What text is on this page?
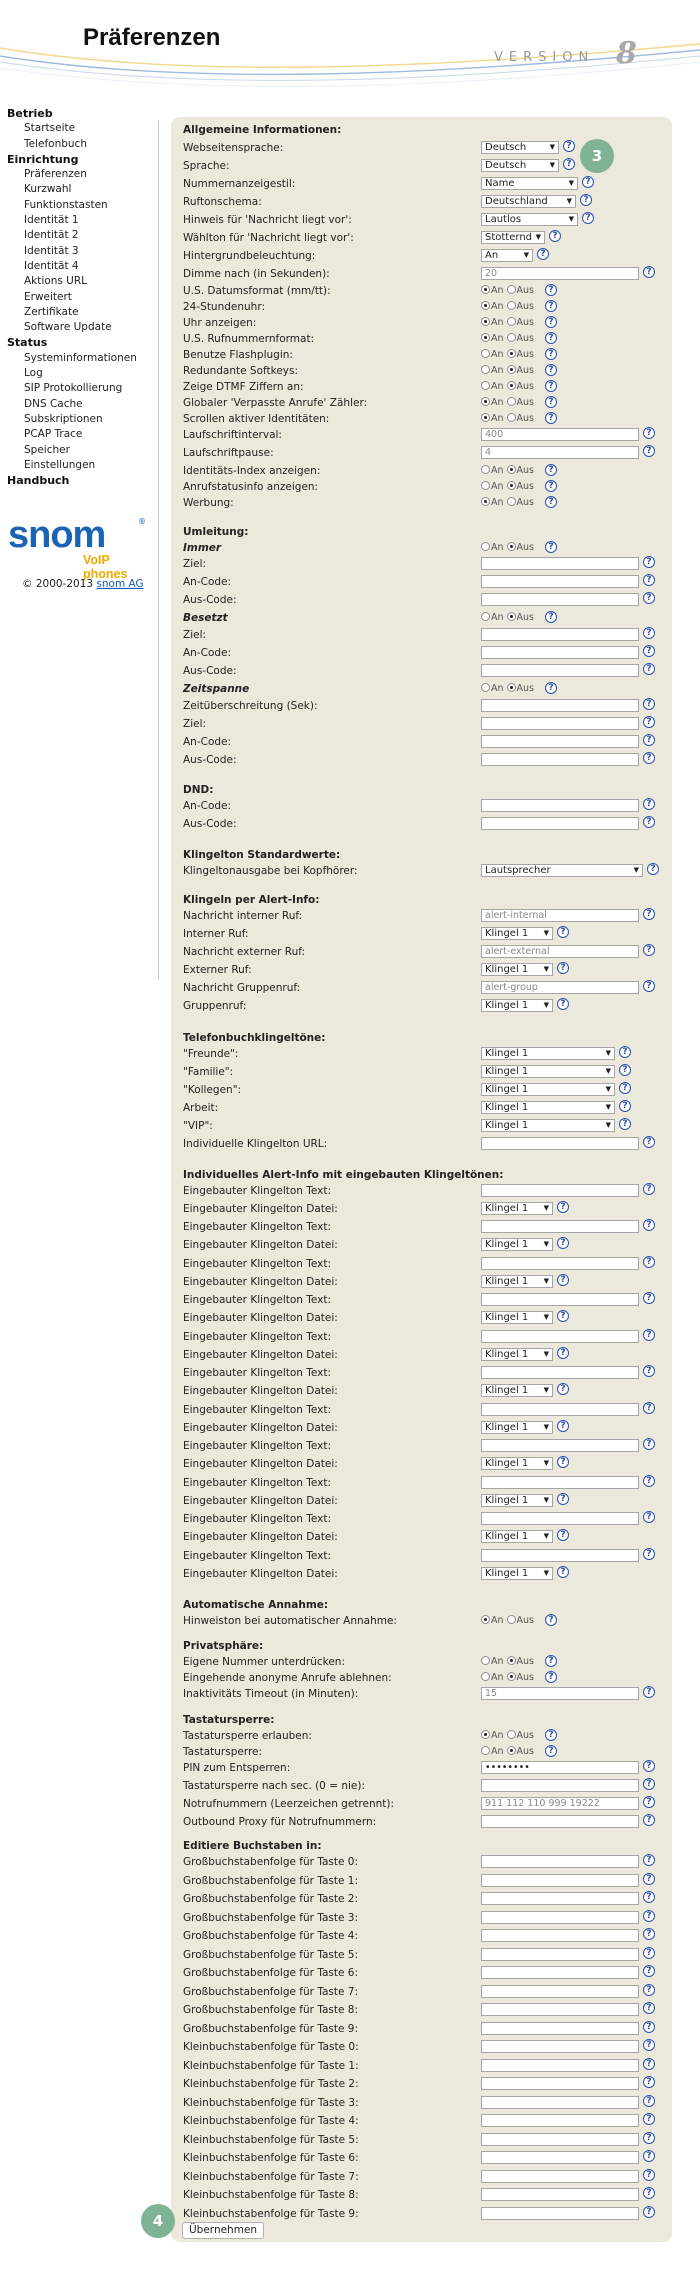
Präferenzen
VERSION 8
Betrieb
Startseite
Telefonbuch
Einrichtung
Präferenzen
Kurzwahl
Funktionstasten
Identität 1
Identität 2
Identität 3
Identität 4
Aktions URL
Erweitert
Zertifikate
Software Update
Status
Systeminformationen
Log
SIP Protokollierung
DNS Cache
Subskriptionen
PCAP Trace
Speicher
Einstellungen
Handbuch
snom	®
VoIP phones
© 2000-2013 snom AG
Allgemeine Informationen:
Webseitensprache:	Deutsch	▼	?
Sprache:	Deutsch	▼	?
Nummernanzeigestil:	Name	▼	?
Ruftonschema:	Deutschland	▼	?
Hinweis für 'Nachricht liegt vor':	Lautlos	▼	?
Wählton für 'Nachricht liegt vor':	Stotternd ▼	?
Hintergrundbeleuchtung:	An	▼	?
Dimme nach (in Sekunden):	20	?
U.S. Datumsformat (mm/tt):	An Aus	?
24-Stundenuhr:	An Aus	?
Uhr anzeigen:	An Aus	?
U.S. Rufnummernformat:	An Aus	?
Benutze Flashplugin:	An Aus	?
Redundante Softkeys:	An Aus	?
Zeige DTMF Ziffern an:	An Aus	?
Globaler 'Verpasste Anrufe' Zähler:	An Aus	?
Scrollen aktiver Identitäten:	An Aus	?
Laufschriftinterval:	400	?
Laufschriftpause:	4	?
Identitäts-Index anzeigen:	An Aus	?
Anrufstatusinfo anzeigen:	An Aus	?
Werbung:	An Aus	?
Umleitung:
Immer	An Aus	?
Ziel:	?
An-Code:	?
Aus-Code:	?
Besetzt	An Aus	?
Ziel:	?
An-Code:	?
Aus-Code:	?
Zeitspanne	An Aus	?
Zeitüberschreitung (Sek):	?
Ziel:	?
An-Code:	?
Aus-Code:	?
DND:
An-Code:	?
Aus-Code:	?
Klingelton Standardwerte:
Klingeltonausgabe bei Kopfhörer:	Lautsprecher	▼	?
Klingeln per Alert-Info:
Nachricht interner Ruf:	alert-internal	?
Interner Ruf:	Klingel 1 ▼	?
Nachricht externer Ruf:	alert-external	?
Externer Ruf:	Klingel 1 ▼	?
Nachricht Gruppenruf:	alert-group	?
Gruppenruf:	Klingel 1 ▼	?
Telefonbuchklingeltöne:
"Freunde":	Klingel 1	▼	?
"Familie":	Klingel 1	▼	?
"Kollegen":	Klingel 1	▼	?
Arbeit:	Klingel 1	▼	?
"VIP":	Klingel 1	▼	?
Individuelle Klingelton URL:	?
Individuelles Alert-Info mit eingebauten Klingeltönen:
Eingebauter Klingelton Text:	?
Eingebauter Klingelton Datei:	Klingel 1 ▼	?
Eingebauter Klingelton Text:	?
Eingebauter Klingelton Datei:	Klingel 1 ▼	?
Eingebauter Klingelton Text:	?
Eingebauter Klingelton Datei:	Klingel 1 ▼	?
Eingebauter Klingelton Text:	?
Eingebauter Klingelton Datei:	Klingel 1 ▼	?
Eingebauter Klingelton Text:	?
Eingebauter Klingelton Datei:	Klingel 1 ▼	?
Eingebauter Klingelton Text:	?
Eingebauter Klingelton Datei:	Klingel 1 ▼	?
Eingebauter Klingelton Text:	?
Eingebauter Klingelton Datei:	Klingel 1 ▼	?
Eingebauter Klingelton Text:	?
Eingebauter Klingelton Datei:	Klingel 1 ▼	?
Eingebauter Klingelton Text:	?
Eingebauter Klingelton Datei:	Klingel 1 ▼	?
Eingebauter Klingelton Text:	?
Eingebauter Klingelton Datei:	Klingel 1 ▼	?
Eingebauter Klingelton Text:	?
Eingebauter Klingelton Datei:	Klingel 1 ▼	?
Automatische Annahme:
Hinweiston bei automatischer Annahme:	An Aus	?
Privatsphäre:
Eigene Nummer unterdrücken:	An Aus	?
Eingehende anonyme Anrufe ablehnen:	An Aus	?
Inaktivitäts Timeout (in Minuten):	15	?
Tastatursperre:
Tastatursperre erlauben:	An Aus	?
Tastatursperre:	An Aus	?
PIN zum Entsperren:	••••••••	?
Tastatursperre nach sec. (0 = nie):	?
Notrufnummern (Leerzeichen getrennt):	911 112 110 999 19222	?
Outbound Proxy für Notrufnummern:	?
Editiere Buchstaben in:
Großbuchstabenfolge für Taste 0:	?
Großbuchstabenfolge für Taste 1:	?
Großbuchstabenfolge für Taste 2:	?
Großbuchstabenfolge für Taste 3:	?
Großbuchstabenfolge für Taste 4:	?
Großbuchstabenfolge für Taste 5:	?
Großbuchstabenfolge für Taste 6:	?
Großbuchstabenfolge für Taste 7:	?
Großbuchstabenfolge für Taste 8:	?
Großbuchstabenfolge für Taste 9:	?
Kleinbuchstabenfolge für Taste 0:	?
Kleinbuchstabenfolge für Taste 1:	?
Kleinbuchstabenfolge für Taste 2:	?
Kleinbuchstabenfolge für Taste 3:	?
Kleinbuchstabenfolge für Taste 4:	?
Kleinbuchstabenfolge für Taste 5:	?
Kleinbuchstabenfolge für Taste 6:	?
Kleinbuchstabenfolge für Taste 7:	?
Kleinbuchstabenfolge für Taste 8:	?
Kleinbuchstabenfolge für Taste 9:	?
3
4	Übernehmen
